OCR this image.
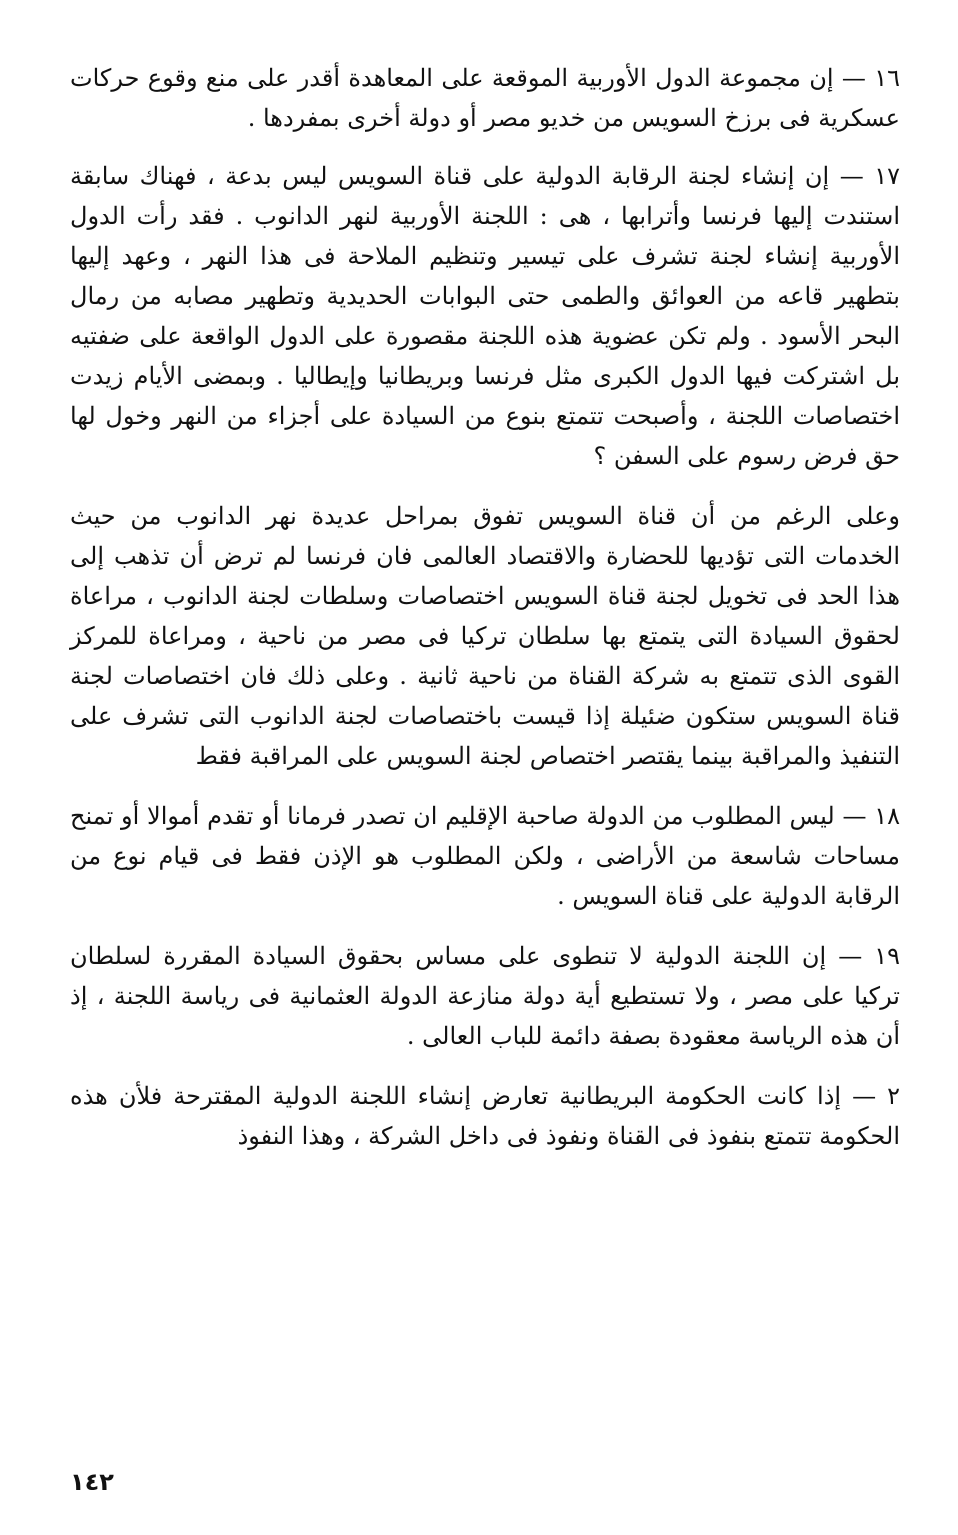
١٦ — إن مجموعة الدول الأوربية الموقعة على المعاهدة أقدر على منع وقوع حركات عسكرية فى برزخ السويس من خديو مصر أو دولة أخرى بمفردها .

١٧ — إن إنشاء لجنة الرقابة الدولية على قناة السويس ليس بدعة ، فهناك سابقة استندت إليها فرنسا وأترابها ، هى : اللجنة الأوربية لنهر الدانوب . فقد رأت الدول الأوربية إنشاء لجنة تشرف على تيسير وتنظيم الملاحة فى هذا النهر ، وعهد إليها بتطهير قاعه من العوائق والطمى حتى البوابات الحديدية وتطهير مصابه من رمال البحر الأسود . ولم تكن عضوية هذه اللجنة مقصورة على الدول الواقعة على ضفتيه بل اشتركت فيها الدول الكبرى مثل فرنسا وبريطانيا وإيطاليا . وبمضى الأيام زيدت اختصاصات اللجنة ، وأصبحت تتمتع بنوع من السيادة على أجزاء من النهر وخول لها حق فرض رسوم على السفن ؟

وعلى الرغم من أن قناة السويس تفوق بمراحل عديدة نهر الدانوب من حيث الخدمات التى تؤديها للحضارة والاقتصاد العالمى فان فرنسا لم ترض أن تذهب إلى هذا الحد فى تخويل لجنة قناة السويس اختصاصات وسلطات لجنة الدانوب ، مراعاة لحقوق السيادة التى يتمتع بها سلطان تركيا فى مصر من ناحية ، ومراعاة للمركز القوى الذى تتمتع به شركة القناة من ناحية ثانية . وعلى ذلك فان اختصاصات لجنة قناة السويس ستكون ضئيلة إذا قيست باختصاصات لجنة الدانوب التى تشرف على التنفيذ والمراقبة بينما يقتصر اختصاص لجنة السويس على المراقبة فقط

١٨ — ليس المطلوب من الدولة صاحبة الإقليم ان تصدر فرمانا أو تقدم أموالا أو تمنح مساحات شاسعة من الأراضى ، ولكن المطلوب هو الإذن فقط فى قيام نوع من الرقابة الدولية على قناة السويس .

١٩ — إن اللجنة الدولية لا تنطوى على مساس بحقوق السيادة المقررة لسلطان تركيا على مصر ، ولا تستطيع أية دولة منازعة الدولة العثمانية فى رياسة اللجنة ، إذ أن هذه الرياسة معقودة بصفة دائمة للباب العالى .

٢ — إذا كانت الحكومة البريطانية تعارض إنشاء اللجنة الدولية المقترحة فلأن هذه الحكومة تتمتع بنفوذ فى القناة ونفوذ فى داخل الشركة ، وهذا النفوذ

١٤٢
